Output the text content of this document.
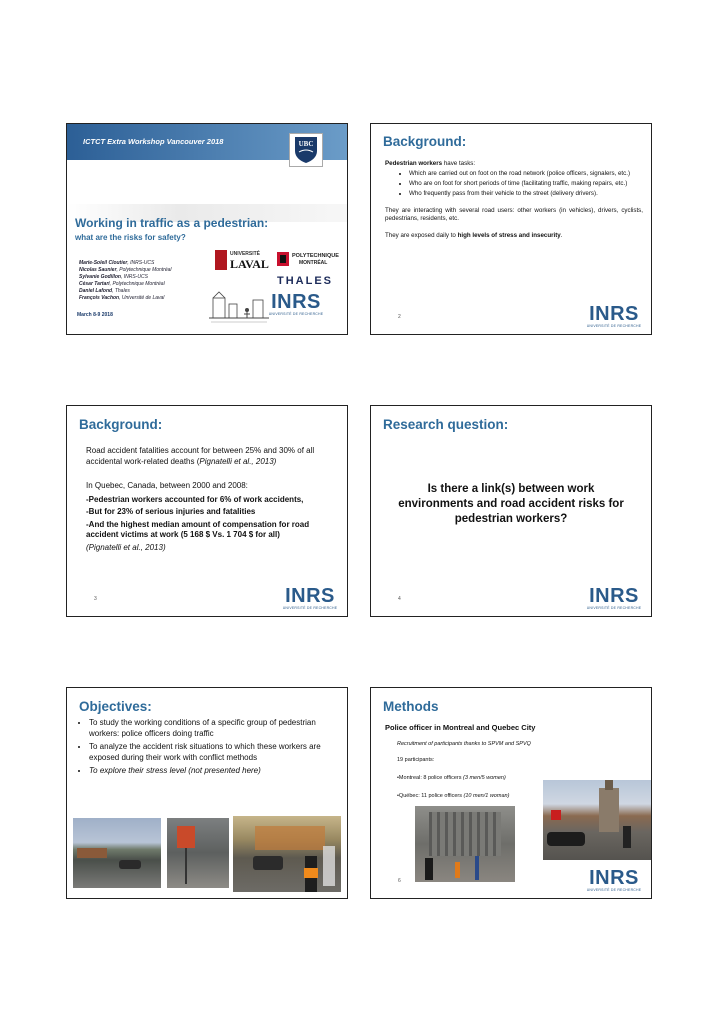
ICTCT Extra Workshop Vancouver 2018	UBC
Working in traffic as a pedestrian:
what are the risks for safety?
Marie-Soleil Cloutier, INRS-UCS
Nicolas Saunier, Polytechnique Montréal
Sylvanie Godillon, INRS-UCS
César Tartari, Polytechnique Montréal
Daniel Lafond, Thales
François Vachon, Université de Laval
UNIVERSITÉ
LAVAL
POLYTECHNIQUE
MONTRÉAL
THALES
INRS
UNIVERSITÉ DE RECHERCHE
March 8-9 2018
Background:
Pedestrian workers have tasks:
• Which are carried out on foot on the road network (police officers, signalers, etc.)
• Who are on foot for short periods of time (facilitating traffic, making repairs, etc.)
• Who frequently pass from their vehicle to the street (delivery drivers).
They are interacting with several road users: other workers (in vehicles), drivers, cyclists, pedestrians, residents, etc.
They are exposed daily to high levels of stress and insecurity.
2	INRS
UNIVERSITÉ DE RECHERCHE
Background:
Road accident fatalities account for between 25% and 30% of all accidental work-related deaths (Pignatelli et al., 2013)
In Quebec, Canada, between 2000 and 2008:
-Pedestrian workers accounted for 6% of work accidents,
-But for 23% of serious injuries and fatalities
-And the highest median amount of compensation for road accident victims at work (5 168 $ Vs. 1 704 $ for all)
(Pignatelli et al., 2013)
3	INRS
UNIVERSITÉ DE RECHERCHE
Research question:
Is there a link(s) between work environments and road accident risks for pedestrian workers?
4	INRS
UNIVERSITÉ DE RECHERCHE
Objectives:
• To study the working conditions of a specific group of pedestrian workers: police officers doing traffic
• To analyze the accident risk situations to which these workers are exposed during their work with conflict methods
• To explore their stress level (not presented here)
Methods
Police officer in Montreal and Quebec City
Recruitment of participants thanks to SPVM and SPVQ
19 participants:
•Montreal: 8 police officers (3 men/5 women)
•Québec: 11 police officers (10 men/1 woman)
6	INRS
UNIVERSITÉ DE RECHERCHE
